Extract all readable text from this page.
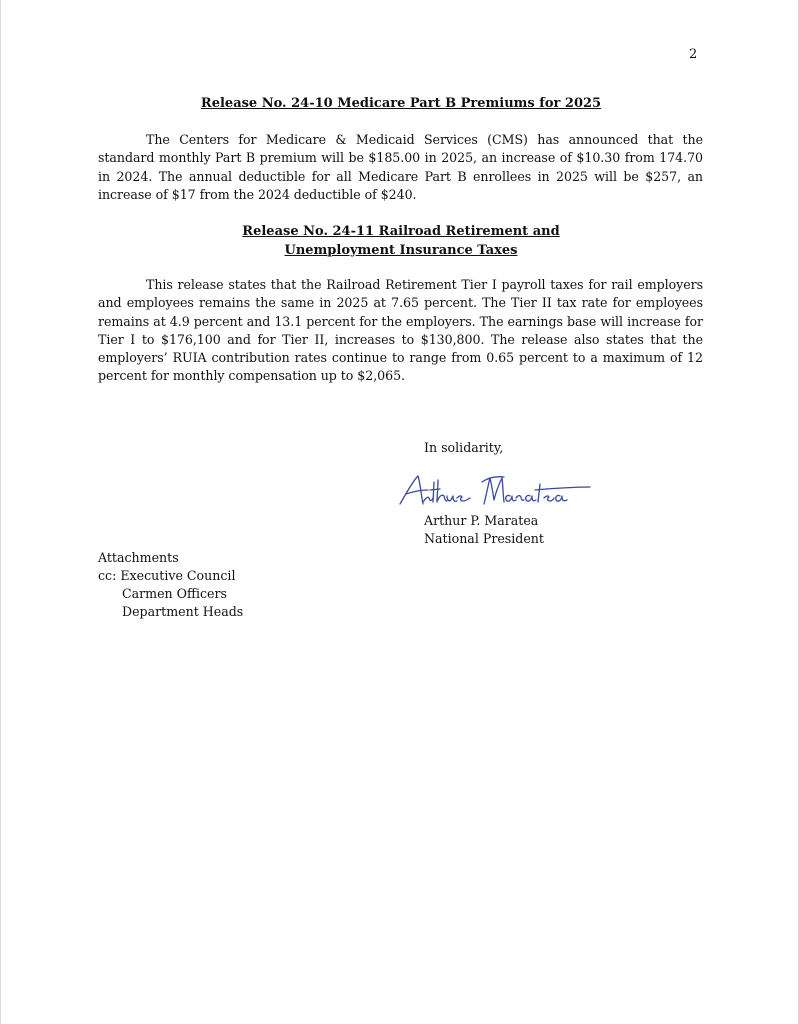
2
Release No. 24-10 Medicare Part B Premiums for 2025
The Centers for Medicare & Medicaid Services (CMS) has announced that the standard monthly Part B premium will be $185.00 in 2025, an increase of $10.30 from 174.70 in 2024. The annual deductible for all Medicare Part B enrollees in 2025 will be $257, an increase of $17 from the 2024 deductible of $240.
Release No. 24-11 Railroad Retirement and
Unemployment Insurance Taxes
This release states that the Railroad Retirement Tier I payroll taxes for rail employers and employees remains the same in 2025 at 7.65 percent. The Tier II tax rate for employees remains at 4.9 percent and 13.1 percent for the employers. The earnings base will increase for Tier I to $176,100 and for Tier II, increases to $130,800. The release also states that the employers’ RUIA contribution rates continue to range from 0.65 percent to a maximum of 12 percent for monthly compensation up to $2,065.
In solidarity,
Arthur P. Maratea
National President
Attachments
cc: Executive Council
Carmen Officers
Department Heads
